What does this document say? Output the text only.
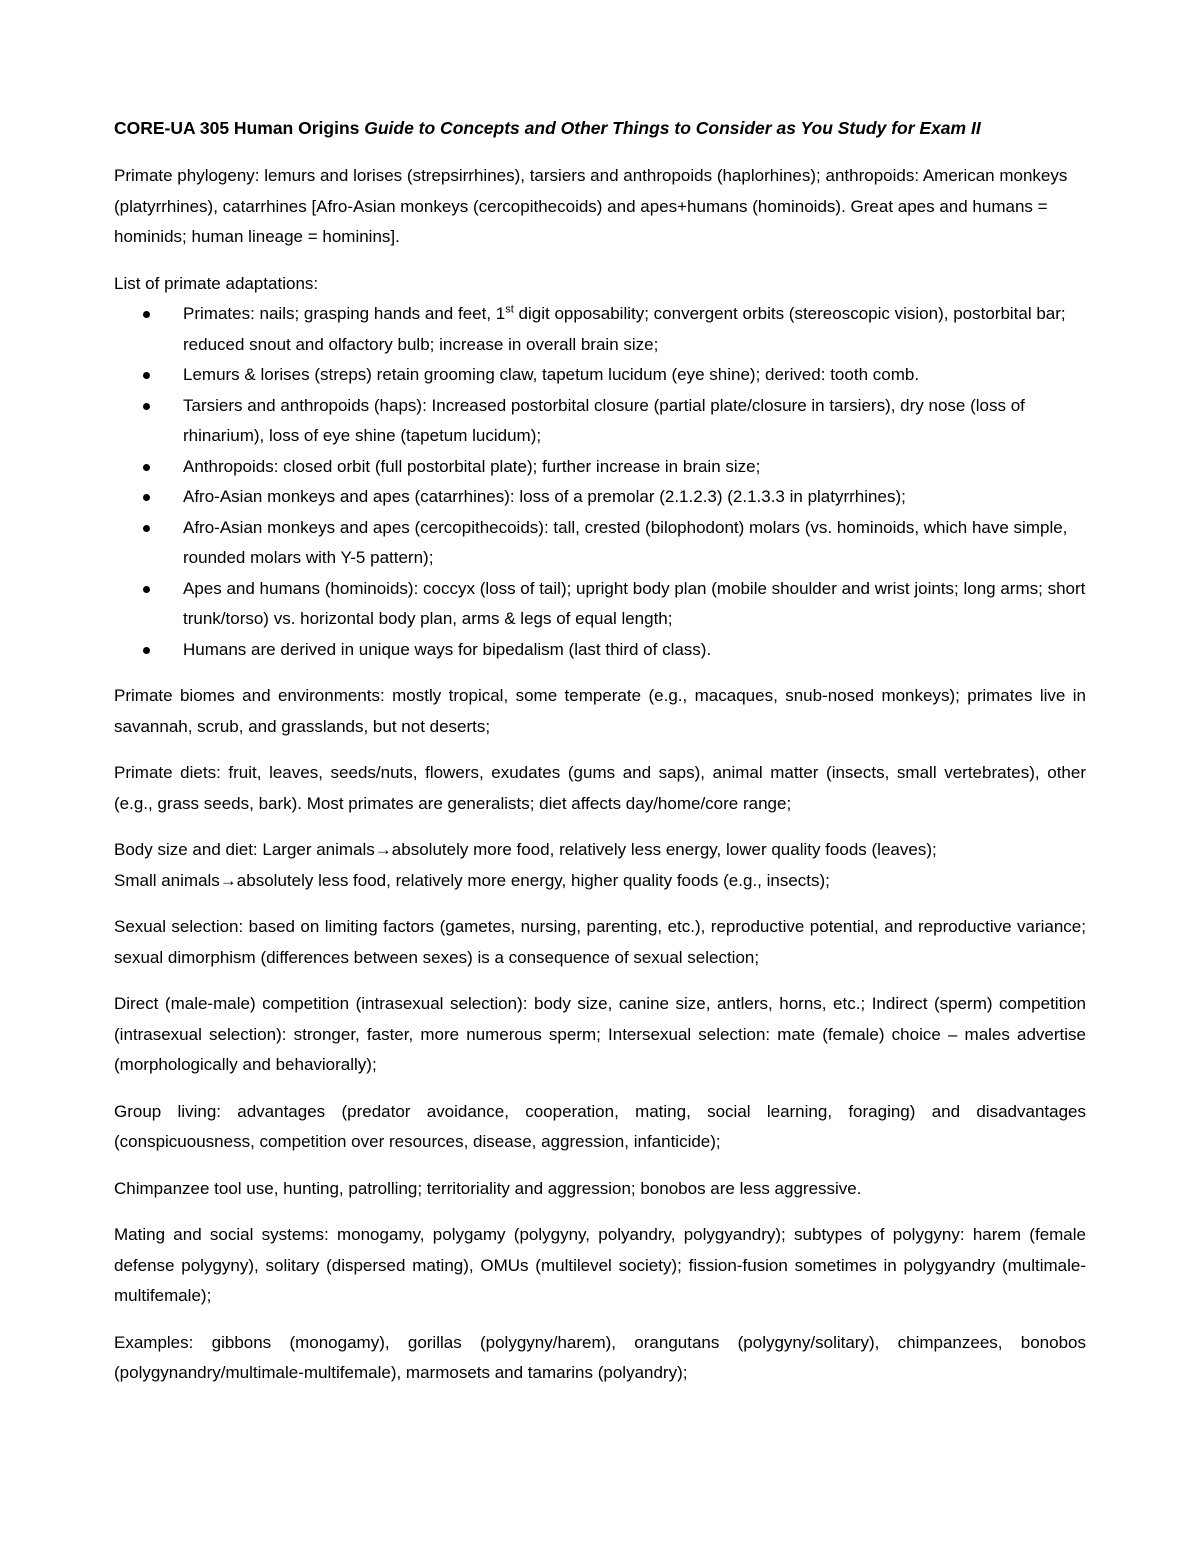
CORE-UA 305 Human Origins Guide to Concepts and Other Things to Consider as You Study for Exam II

Primate phylogeny: lemurs and lorises (strepsirrhines), tarsiers and anthropoids (haplorhines); anthropoids: American monkeys (platyrrhines), catarrhines [Afro-Asian monkeys (cercopithecoids) and apes+humans (hominoids). Great apes and humans = hominids; human lineage = hominins].

List of primate adaptations:

Primates: nails; grasping hands and feet, 1st digit opposability; convergent orbits (stereoscopic vision), postorbital bar; reduced snout and olfactory bulb; increase in overall brain size;
Lemurs & lorises (streps) retain grooming claw, tapetum lucidum (eye shine); derived: tooth comb.
Tarsiers and anthropoids (haps): Increased postorbital closure (partial plate/closure in tarsiers), dry nose (loss of rhinarium), loss of eye shine (tapetum lucidum);
Anthropoids: closed orbit (full postorbital plate); further increase in brain size;
Afro-Asian monkeys and apes (catarrhines): loss of a premolar (2.1.2.3) (2.1.3.3 in platyrrhines);
Afro-Asian monkeys and apes (cercopithecoids): tall, crested (bilophodont) molars (vs. hominoids, which have simple, rounded molars with Y-5 pattern);
Apes and humans (hominoids): coccyx (loss of tail); upright body plan (mobile shoulder and wrist joints; long arms; short trunk/torso) vs. horizontal body plan, arms & legs of equal length;
Humans are derived in unique ways for bipedalism (last third of class).

Primate biomes and environments: mostly tropical, some temperate (e.g., macaques, snub-nosed monkeys); primates live in savannah, scrub, and grasslands, but not deserts;

Primate diets: fruit, leaves, seeds/nuts, flowers, exudates (gums and saps), animal matter (insects, small vertebrates), other (e.g., grass seeds, bark). Most primates are generalists; diet affects day/home/core range;

Body size and diet: Larger animals→absolutely more food, relatively less energy, lower quality foods (leaves);
Small animals→absolutely less food, relatively more energy, higher quality foods (e.g., insects);

Sexual selection: based on limiting factors (gametes, nursing, parenting, etc.), reproductive potential, and reproductive variance; sexual dimorphism (differences between sexes) is a consequence of sexual selection;

Direct (male-male) competition (intrasexual selection): body size, canine size, antlers, horns, etc.; Indirect (sperm) competition (intrasexual selection): stronger, faster, more numerous sperm; Intersexual selection: mate (female) choice – males advertise (morphologically and behaviorally);

Group living: advantages (predator avoidance, cooperation, mating, social learning, foraging) and disadvantages (conspicuousness, competition over resources, disease, aggression, infanticide);

Chimpanzee tool use, hunting, patrolling; territoriality and aggression; bonobos are less aggressive.

Mating and social systems: monogamy, polygamy (polygyny, polyandry, polygyandry); subtypes of polygyny: harem (female defense polygyny), solitary (dispersed mating), OMUs (multilevel society); fission-fusion sometimes in polygyandry (multimale-multifemale);

Examples: gibbons (monogamy), gorillas (polygyny/harem), orangutans (polygyny/solitary), chimpanzees, bonobos (polygynandry/multimale-multifemale), marmosets and tamarins (polyandry);
